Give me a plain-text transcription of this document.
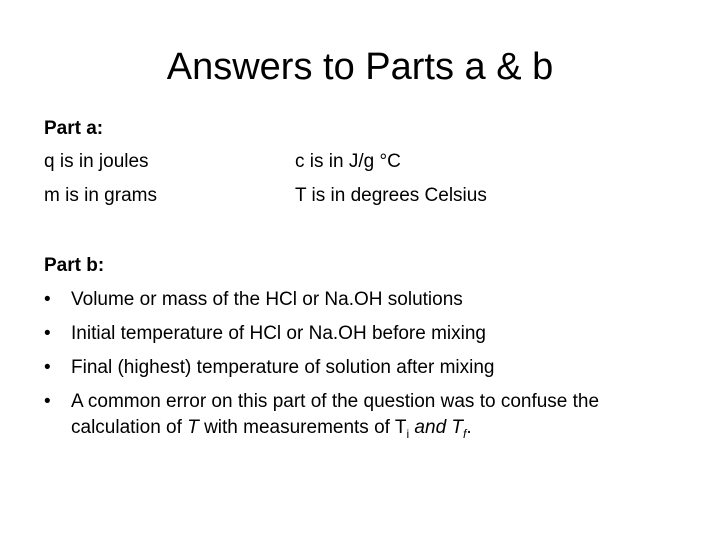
Answers to Parts a & b
Part a:
q is in joules
m is in grams
c is in J/g °C
T is in degrees Celsius
Part b:
• Volume or mass of the HCl or Na.OH solutions
• Initial temperature of HCl or Na.OH before mixing
• Final (highest) temperature of solution after mixing
• A common error on this part of the question was to confuse the calculation of T with measurements of $T_i$ and $T_f$.
